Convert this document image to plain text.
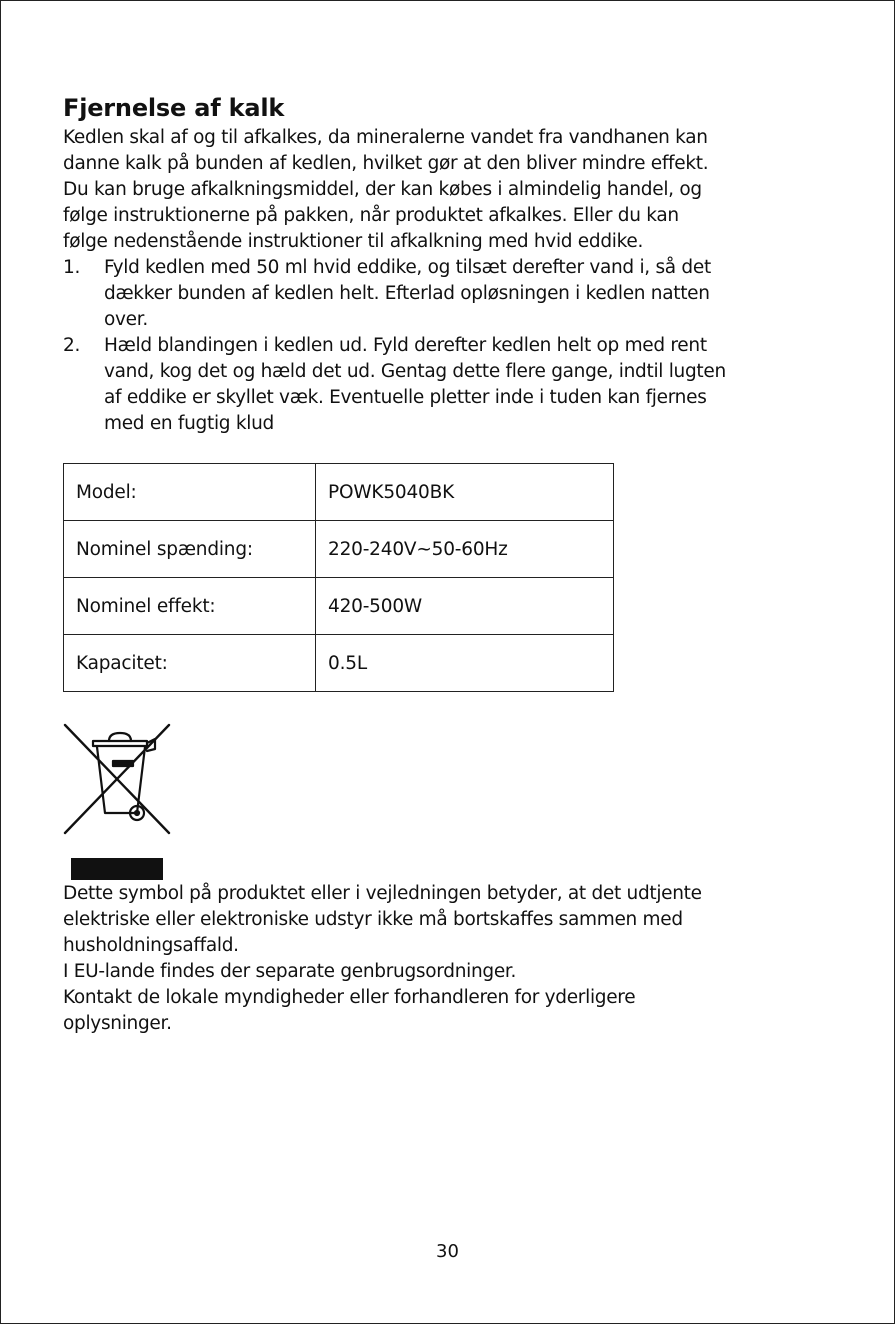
Fjernelse af kalk

Kedlen skal af og til afkalkes, da mineralerne vandet fra vandhanen kan

danne kalk på bunden af kedlen, hvilket gør at den bliver mindre effekt.

Du kan bruge afkalkningsmiddel, der kan købes i almindelig handel, og

følge instruktionerne på pakken, når produktet afkalkes. Eller du kan

følge nedenstående instruktioner til afkalkning med hvid eddike.

1. Fyld kedlen med 50 ml hvid eddike, og tilsæt derefter vand i, så det
dækker bunden af kedlen helt. Efterlad opløsningen i kedlen natten
over.
2. Hæld blandingen i kedlen ud. Fyld derefter kedlen helt op med rent
vand, kog det og hæld det ud. Gentag dette flere gange, indtil lugten
af eddike er skyllet væk. Eventuelle pletter inde i tuden kan fjernes
med en fugtig klud
Model:	POWK5040BK
Nominel spænding:	220-240V~50-60Hz
Nominel effekt:	420-500W
Kapacitet:	0.5L

Dette symbol på produktet eller i vejledningen betyder, at det udtjente

elektriske eller elektroniske udstyr ikke må bortskaffes sammen med

husholdningsaffald.

I EU-lande findes der separate genbrugsordninger.

Kontakt de lokale myndigheder eller forhandleren for yderligere

oplysninger.

30
